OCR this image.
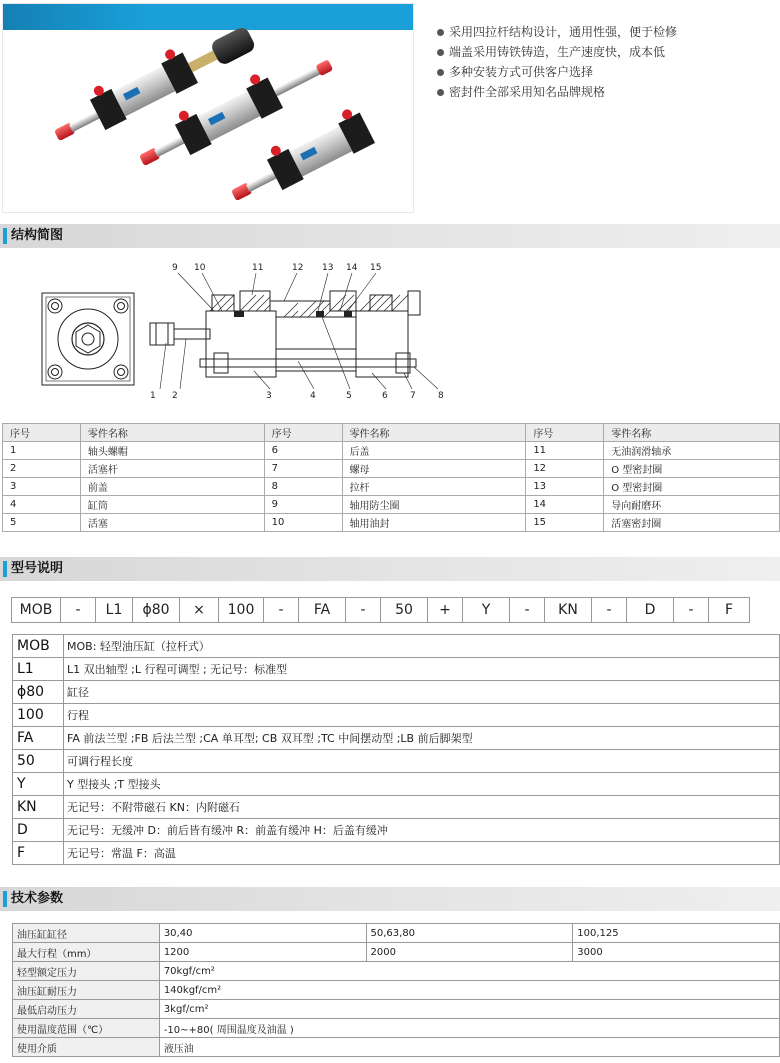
采用四拉杆结构设计，通用性强，便于检修
端盖采用铸铁铸造，生产速度快，成本低
多种安装方式可供客户选择
密封件全部采用知名品牌规格
结构简图
1 2	3	4	5	6 7 8
9 10	11	12 13 14 15
序号	零件名称	序号	零件名称	序号	零件名称
1	轴头螺帽	6	后盖	11	无油润滑轴承
2	活塞杆	7	螺母	12	O 型密封圈
3	前盖	8	拉杆	13	O 型密封圈
4	缸筒	9	轴用防尘圈	14	导向耐磨环
5	活塞	10	轴用油封	15	活塞密封圈
型号说明
MOB	-	L1	ϕ80	×	100	-	FA	-	50	+	Y	-	KN	-	D	-	F
MOB	MOB: 轻型油压缸（拉杆式）
L1	L1 双出轴型 ;L 行程可调型 ; 无记号：标准型
ϕ80	缸径
100	行程
FA	FA 前法兰型 ;FB 后法兰型 ;CA 单耳型; CB 双耳型 ;TC 中间摆动型 ;LB 前后脚架型
50	可调行程长度
Y	Y 型接头 ;T 型接头
KN	无记号：不附带磁石 KN：内附磁石
D	无记号：无缓冲 D：前后皆有缓冲 R：前盖有缓冲 H：后盖有缓冲
F	无记号：常温 F：高温
技术参数
油压缸缸径	30,40	50,63,80	100,125
最大行程（mm）	1200	2000	3000
轻型额定压力	70kgf/cm²		
油压缸耐压力	140kgf/cm²		
最低启动压力	3kgf/cm²		
使用温度范围（℃）	-10~+80( 周围温度及油温 )		
使用介质	液压油		
